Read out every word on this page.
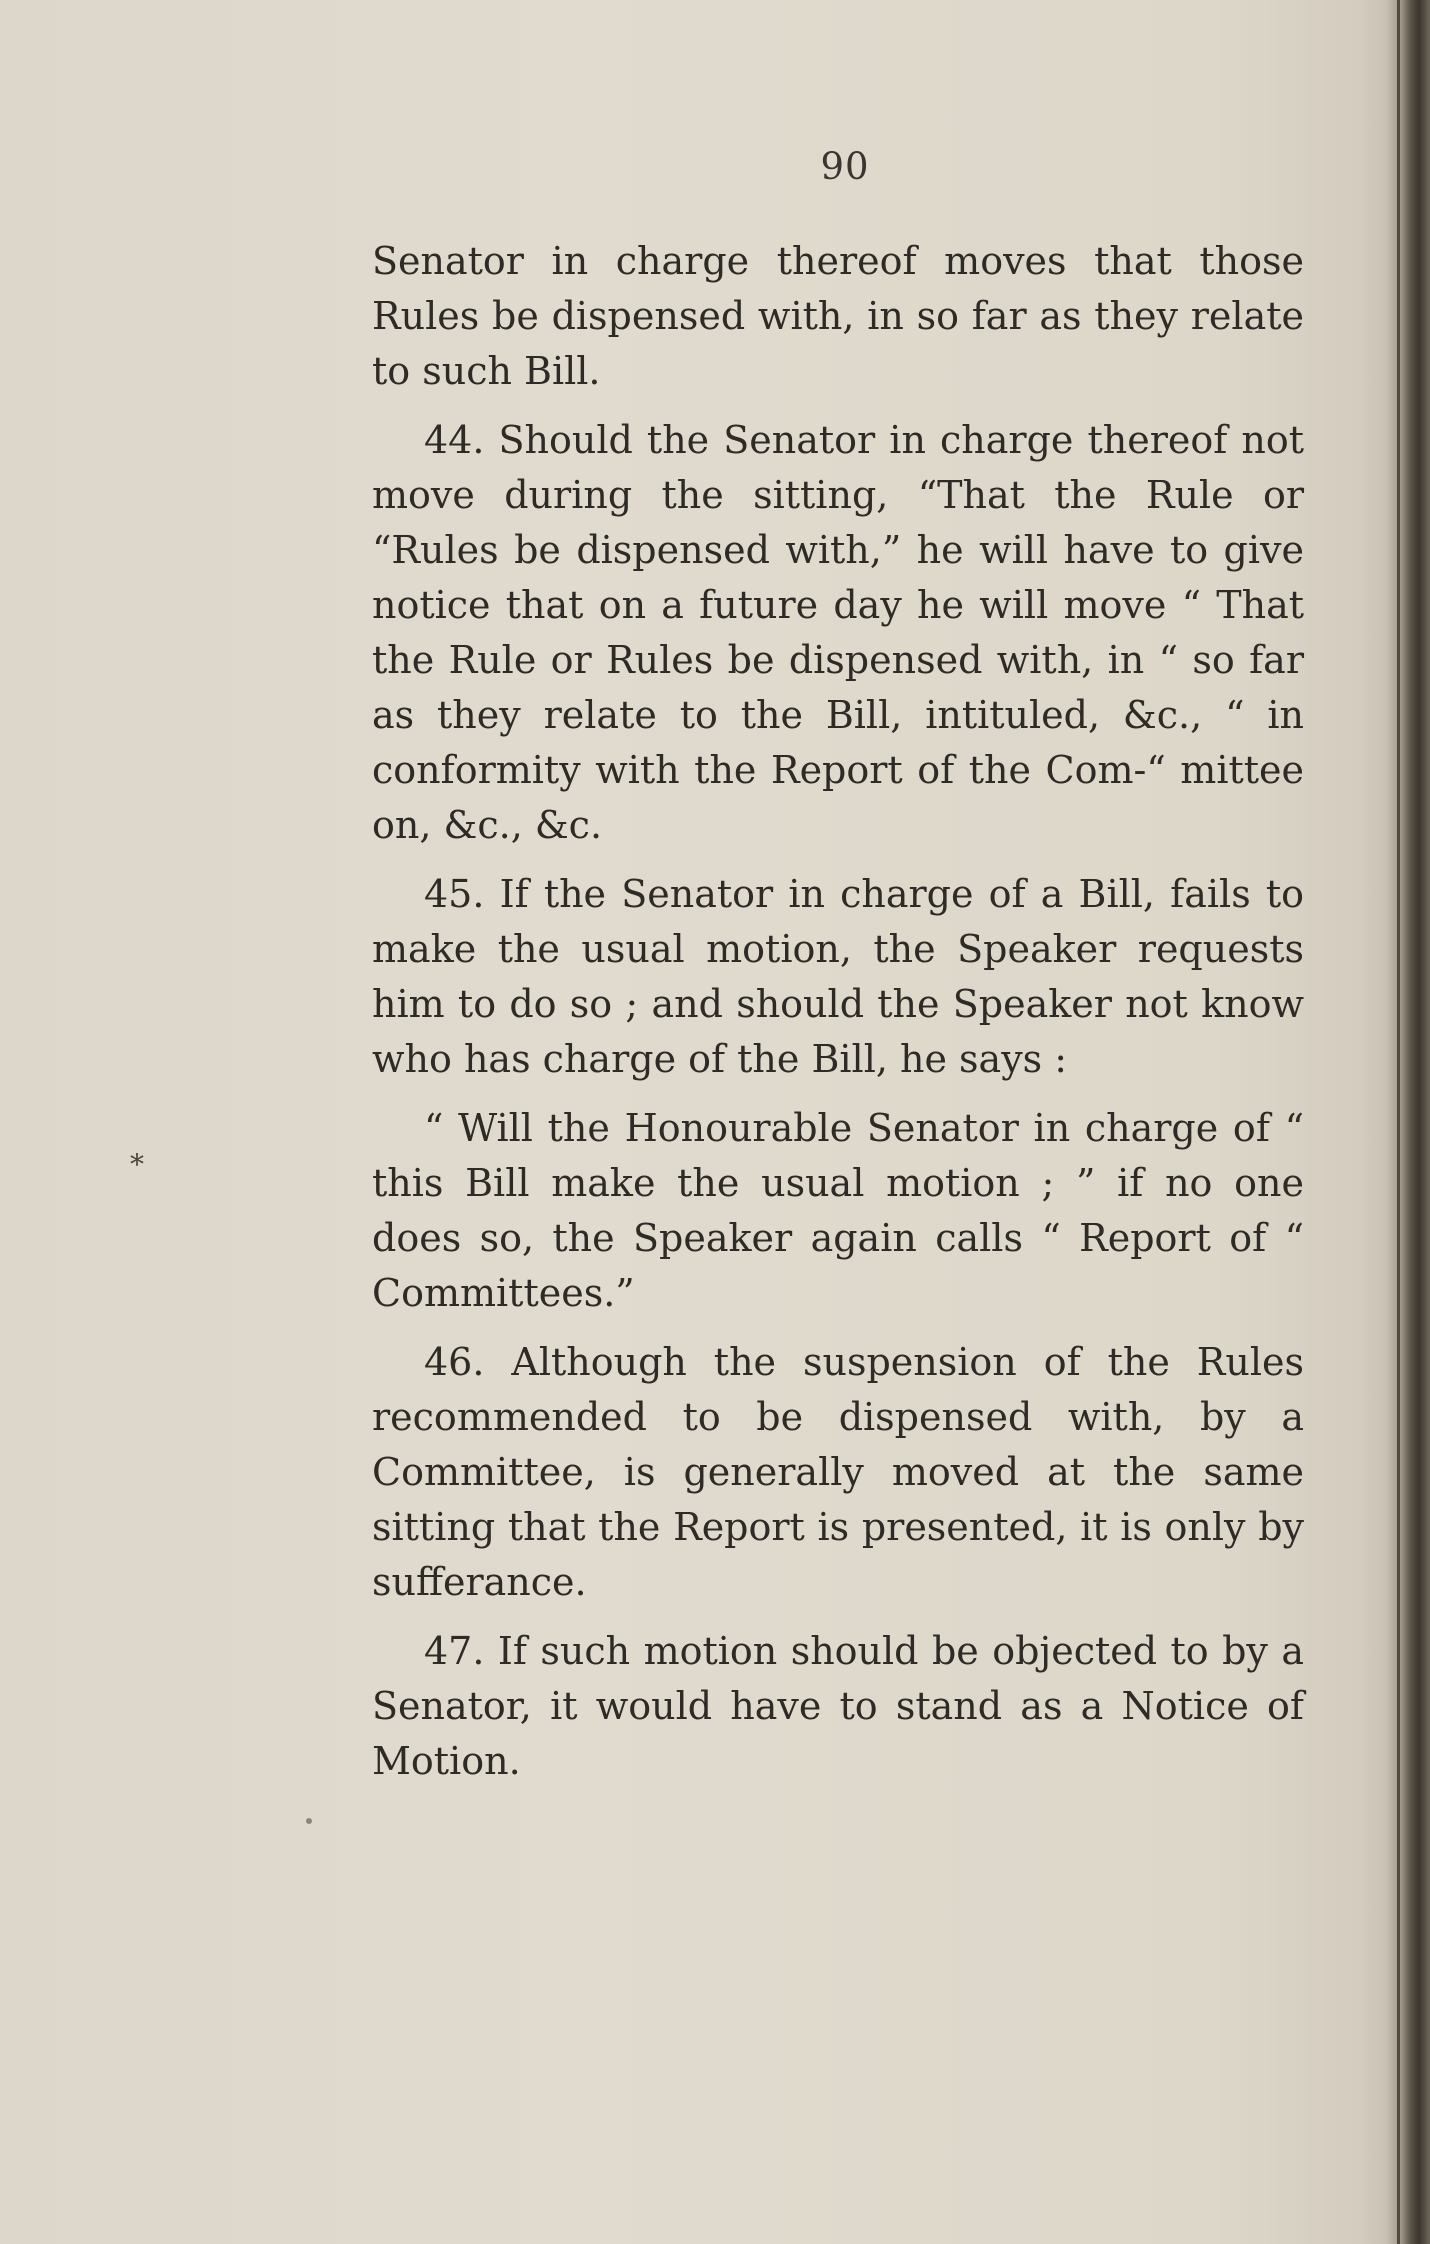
90

Senator in charge thereof moves that those Rules be dispensed with, in so far as they relate to such Bill.

44. Should the Senator in charge thereof not move during the sitting, “That the Rule or “Rules be dispensed with,” he will have to give notice that on a future day he will move “ That the Rule or Rules be dispensed with, in “ so far as they relate to the Bill, intituled, &c., “ in conformity with the Report of the Com-“ mittee on, &c., &c.

45. If the Senator in charge of a Bill, fails to make the usual motion, the Speaker requests him to do so ; and should the Speaker not know who has charge of the Bill, he says :

“ Will the Honourable Senator in charge of “ this Bill make the usual motion ; ” if no one does so, the Speaker again calls “ Report of “ Committees.”

46. Although the suspension of the Rules recommended to be dispensed with, by a Committee, is generally moved at the same sitting that the Report is presented, it is only by sufferance.

47. If such motion should be objected to by a Senator, it would have to stand as a Notice of Motion.

*
